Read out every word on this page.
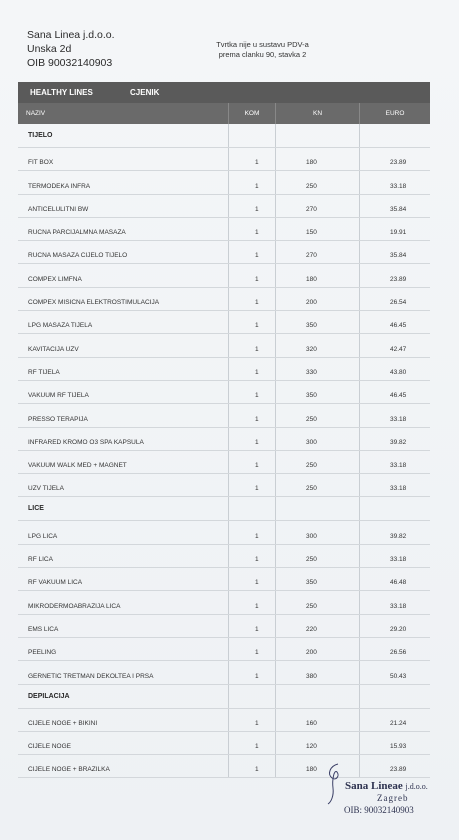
Sana Linea j.d.o.o.
Unska 2d
OIB 90032140903
Tvrtka nije u sustavu PDV-a
prema clanku 90, stavka 2
HEALTHY LINES	CJENIK
NAZIV	KOM	KN	EURO
TIJELO
FIT BOX	1	180	23.89
TERMODEKA INFRA	1	250	33.18
ANTICELULITNI BW	1	270	35.84
RUCNA PARCIJALMNA MASAZA	1	150	19.91
RUCNA MASAZA CIJELO TIJELO	1	270	35.84
COMPEX LIMFNA	1	180	23.89
COMPEX MISICNA ELEKTROSTIMULACIJA	1	200	26.54
LPG MASAZA TIJELA	1	350	46.45
KAVITACIJA UZV	1	320	42.47
RF TIJELA	1	330	43.80
VAKUUM RF TIJELA	1	350	46.45
PRESSO TERAPIJA	1	250	33.18
INFRARED KROMO O3 SPA KAPSULA	1	300	39.82
VAKUUM WALK MED + MAGNET	1	250	33.18
UZV TIJELA	1	250	33.18
LICE
LPG LICA	1	300	39.82
RF LICA	1	250	33.18
RF VAKUUM LICA	1	350	46.48
MIKRODERMOABRAZIJA LICA	1	250	33.18
EMS LICA	1	220	29.20
PEELING	1	200	26.56
GERNETIC TRETMAN DEKOLTEA I PRSA	1	380	50.43
DEPILACIJA
CIJELE NOGE + BIKINI	1	160	21.24
CIJELE NOGE	1	120	15.93
CIJELE NOGE + BRAZILKA	1	180	23.89
Sana Lineae j.d.o.o.
Zagreb
OIB: 90032140903
